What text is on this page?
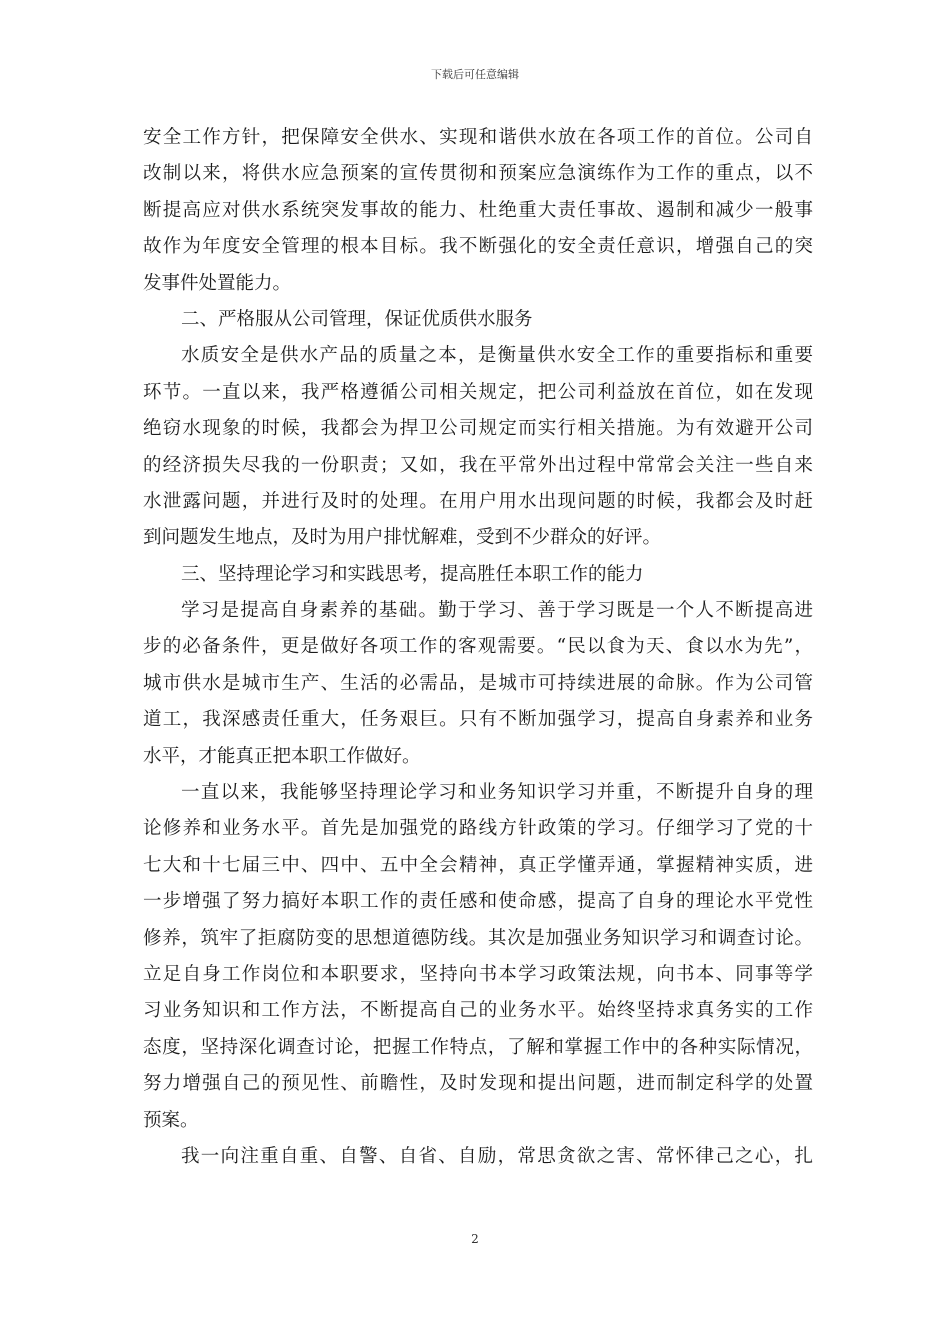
下载后可任意编辑
安全工作方针，把保障安全供水、实现和谐供水放在各项工作的首位。公司自
改制以来，将供水应急预案的宣传贯彻和预案应急演练作为工作的重点，以不
断提高应对供水系统突发事故的能力、杜绝重大责任事故、遏制和减少一般事
故作为年度安全管理的根本目标。我不断强化的安全责任意识，增强自己的突
发事件处置能力。
二、严格服从公司管理，保证优质供水服务
水质安全是供水产品的质量之本，是衡量供水安全工作的重要指标和重要
环节。一直以来，我严格遵循公司相关规定，把公司利益放在首位，如在发现
绝窃水现象的时候，我都会为捍卫公司规定而实行相关措施。为有效避开公司
的经济损失尽我的一份职责；又如，我在平常外出过程中常常会关注一些自来
水泄露问题，并进行及时的处理。在用户用水出现问题的时候，我都会及时赶
到问题发生地点，及时为用户排忧解难，受到不少群众的好评。
三、坚持理论学习和实践思考，提高胜任本职工作的能力
学习是提高自身素养的基础。勤于学习、善于学习既是一个人不断提高进
步的必备条件，更是做好各项工作的客观需要。“民以食为天、食以水为先”，
城市供水是城市生产、生活的必需品，是城市可持续进展的命脉。作为公司管
道工，我深感责任重大，任务艰巨。只有不断加强学习，提高自身素养和业务
水平，才能真正把本职工作做好。
一直以来，我能够坚持理论学习和业务知识学习并重，不断提升自身的理
论修养和业务水平。首先是加强党的路线方针政策的学习。仔细学习了党的十
七大和十七届三中、四中、五中全会精神，真正学懂弄通，掌握精神实质，进
一步增强了努力搞好本职工作的责任感和使命感，提高了自身的理论水平党性
修养，筑牢了拒腐防变的思想道德防线。其次是加强业务知识学习和调查讨论。
立足自身工作岗位和本职要求，坚持向书本学习政策法规，向书本、同事等学
习业务知识和工作方法，不断提高自己的业务水平。始终坚持求真务实的工作
态度，坚持深化调查讨论，把握工作特点，了解和掌握工作中的各种实际情况，
努力增强自己的预见性、前瞻性，及时发现和提出问题，进而制定科学的处置
预案。
我一向注重自重、自警、自省、自励，常思贪欲之害、常怀律己之心，扎
2
